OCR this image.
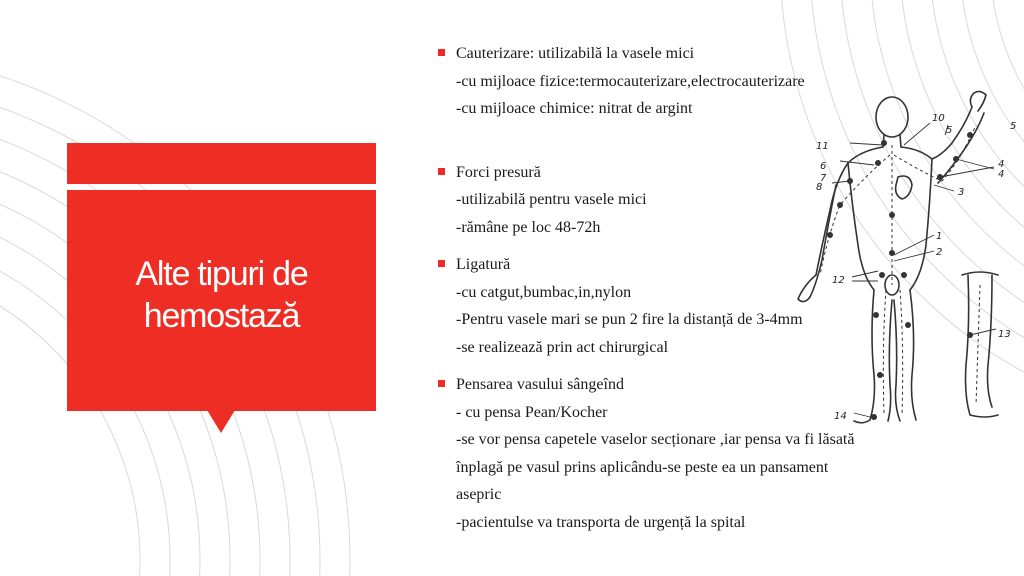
Alte tipuri de
hemostază
10
5	5
11
6
7
8
4
4
3
1
2
12
13
14
Cauterizare: utilizabilă la vasele mici
-cu mijloace fizice:termocauterizare,electrocauterizare
-cu mijloace chimice: nitrat de argint
Forci presură
-utilizabilă pentru vasele mici
-rămâne pe loc 48-72h
Ligatură
-cu catgut,bumbac,in,nylon
-Pentru vasele mari se pun 2 fire la distanță de 3-4mm
-se realizează prin act chirurgical
Pensarea vasului sângeînd
- cu pensa Pean/Kocher
-se vor pensa capetele vaselor secționare ,iar pensa va fi lăsată
înplagă pe vasul prins aplicându-se peste ea un pansament
asepric
-pacientulse va transporta de urgență la spital
